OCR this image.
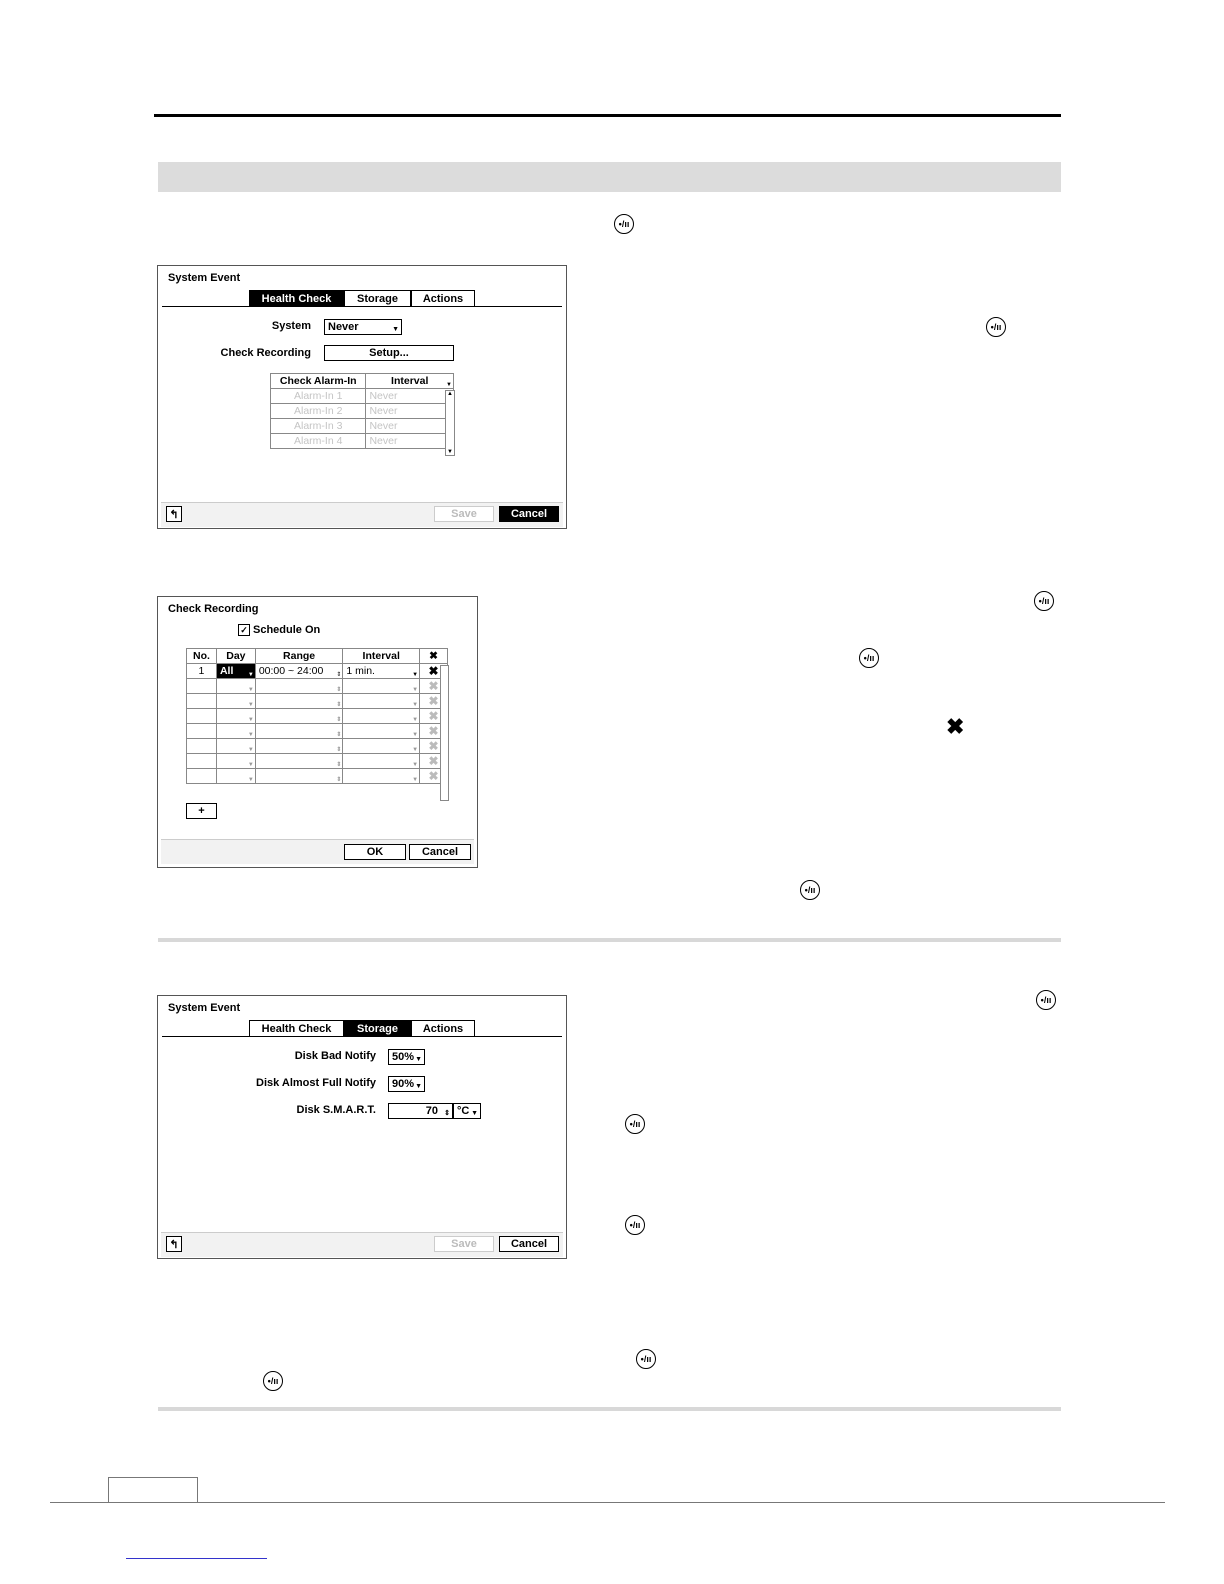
•/ıı
•/ıı
•/ıı
•/ıı
✖
•/ıı
•/ıı
•/ıı
•/ıı
•/ıı
•/ıı
System Event
Health Check	Storage	Actions
System Never	▼
Check Recording	Setup...
Check Alarm-In	Interval ▼

Alarm-In 1	Never

Alarm-In 2	Never

Alarm-In 3	Never

Alarm-In 4	Never
▲
▼
↰	Save	Cancel
Check Recording
✓ Schedule On
No.	Day	Range	Interval	✖
1	All ▼	00:00 ~ 24:00 ⇕	1 min. ▼	✖

	▼	⇕	▼	✖

	▼	⇕	▼	✖

	▼	⇕	▼	✖

	▼	⇕	▼	✖

	▼	⇕	▼	✖

	▼	⇕	▼	✖

	▼	⇕	▼	✖
+
OK	Cancel
System Event
Health Check	Storage	Actions
Disk Bad Notify 50% ▼
Disk Almost Full Notify 90% ▼
Disk S.M.A.R.T.	70 ⇕ °C ▼
↰	Save	Cancel
